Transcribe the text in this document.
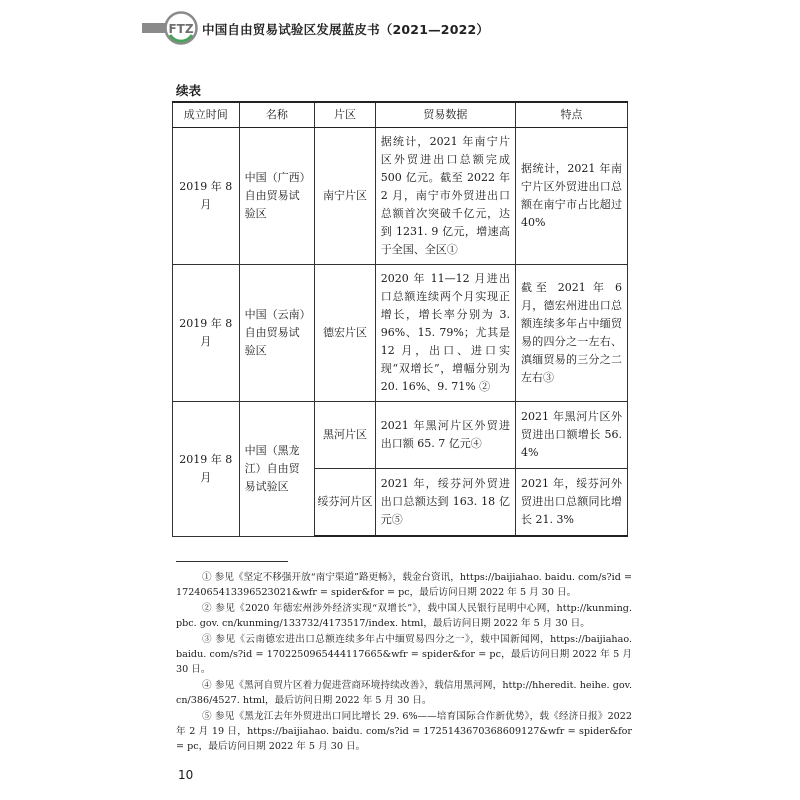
FTZ 中国自由贸易试验区发展蓝皮书（2021—2022）
续表
成立时间	名称	片区	贸易数据	特点
2019 年 8 月	中国（广西）自由贸易试验区	南宁片区	据统计，2021 年南宁片区外贸进出口总额完成 500 亿元。截至 2022 年 2 月，南宁市外贸进出口总额首次突破千亿元，达到 1231. 9 亿元，增速高于全国、全区①	据统计，2021 年南宁片区外贸进出口总额在南宁市占比超过 40%
2019 年 8 月	中国（云南）自由贸易试验区	德宏片区	2020 年 11—12 月进出口总额连续两个月实现正增长，增长率分别为 3. 96%、15. 79%；尤其是 12 月，出口、进口实现“双增长”，增幅分别为 20. 16%、9. 71% ②	截至 2021 年 6 月，德宏州进出口总额连续多年占中缅贸易的四分之一左右、滇缅贸易的三分之二左右③
2019 年 8 月	中国（黑龙江）自由贸易试验区	黑河片区	2021 年黑河片区外贸进出口额 65. 7 亿元④	2021 年黑河片区外贸进出口额增长 56. 4%
		绥芬河片区	2021 年，绥芬河外贸进出口总额达到 163. 18 亿元⑤	2021 年，绥芬河外贸进出口总额同比增长 21. 3%

① 参见《坚定不移强开放“南宁渠道”路更畅》，载金台资讯，https://baijiahao. baidu. com/s?id = 1724065413396523021&wfr = spider&for = pc，最后访问日期 2022 年 5 月 30 日。

② 参见《2020 年德宏州涉外经济实现“双增长”》，载中国人民银行昆明中心网，http://kunming. pbc. gov. cn/kunming/133732/4173517/index. html，最后访问日期 2022 年 5 月 30 日。

③ 参见《云南德宏进出口总额连续多年占中缅贸易四分之一》，载中国新闻网，https://baijiahao. baidu. com/s?id = 1702250965444117665&wfr = spider&for = pc，最后访问日期 2022 年 5 月 30 日。

④ 参见《黑河自贸片区着力促进营商环境持续改善》，载信用黑河网，http://hheredit. heihe. gov. cn/386/4527. html，最后访问日期 2022 年 5 月 30 日。

⑤ 参见《黑龙江去年外贸进出口同比增长 29. 6%——培育国际合作新优势》，载《经济日报》2022 年 2 月 19 日，https://baijiahao. baidu. com/s?id = 1725143670368609127&wfr = spider&for = pc，最后访问日期 2022 年 5 月 30 日。

10
